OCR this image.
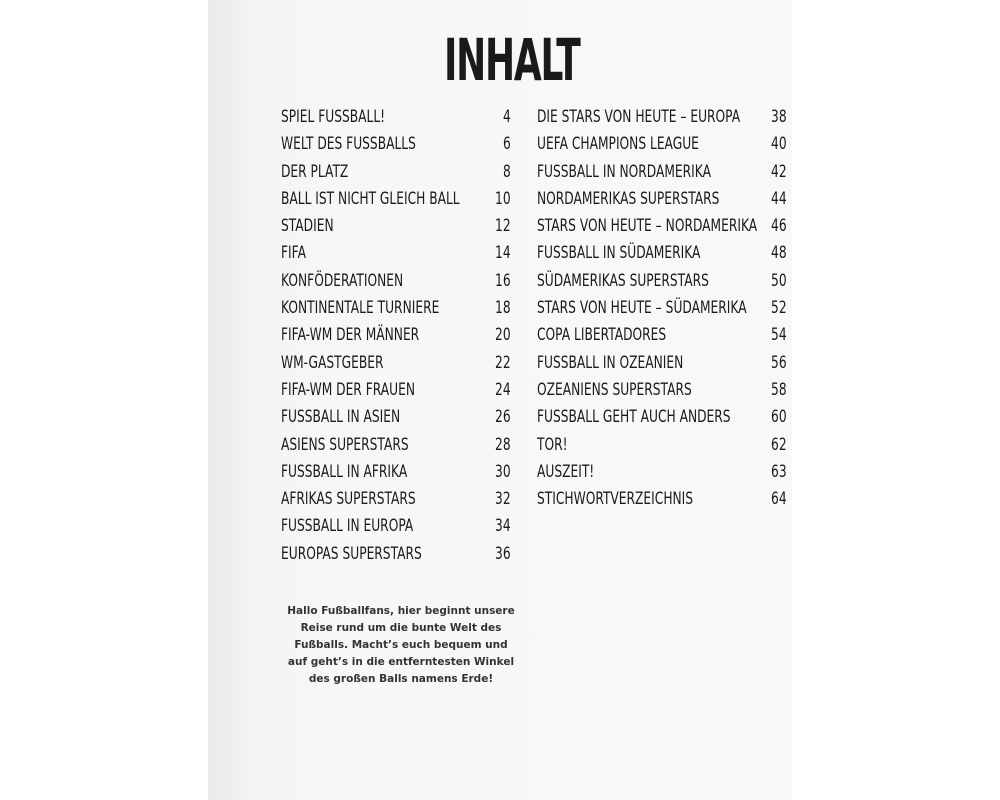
INHALT
SPIEL FUSSBALL!	4
WELT DES FUSSBALLS	6
DER PLATZ	8
BALL IST NICHT GLEICH BALL 10
STADIEN	12
FIFA	14
KONFÖDERATIONEN	16
KONTINENTALE TURNIERE	18
FIFA-WM DER MÄNNER	20
WM-GASTGEBER	22
FIFA-WM DER FRAUEN	24
FUSSBALL IN ASIEN	26
ASIENS SUPERSTARS	28
FUSSBALL IN AFRIKA	30
AFRIKAS SUPERSTARS	32
FUSSBALL IN EUROPA	34
EUROPAS SUPERSTARS	36
DIE STARS VON HEUTE – EUROPA 38
UEFA CHAMPIONS LEAGUE	40
FUSSBALL IN NORDAMERIKA	42
NORDAMERIKAS SUPERSTARS	44
STARS VON HEUTE – NORDAMERIKA 46
FUSSBALL IN SÜDAMERIKA	48
SÜDAMERIKAS SUPERSTARS	50
STARS VON HEUTE – SÜDAMERIKA 52
COPA LIBERTADORES	54
FUSSBALL IN OZEANIEN	56
OZEANIENS SUPERSTARS	58
FUSSBALL GEHT AUCH ANDERS 60
TOR!	62
AUSZEIT!	63
STICHWORTVERZEICHNIS	64
Hallo Fußballfans, hier beginnt unsere
Reise rund um die bunte Welt des
Fußballs. Macht’s euch bequem und
auf geht’s in die entferntesten Winkel
des großen Balls namens Erde!
